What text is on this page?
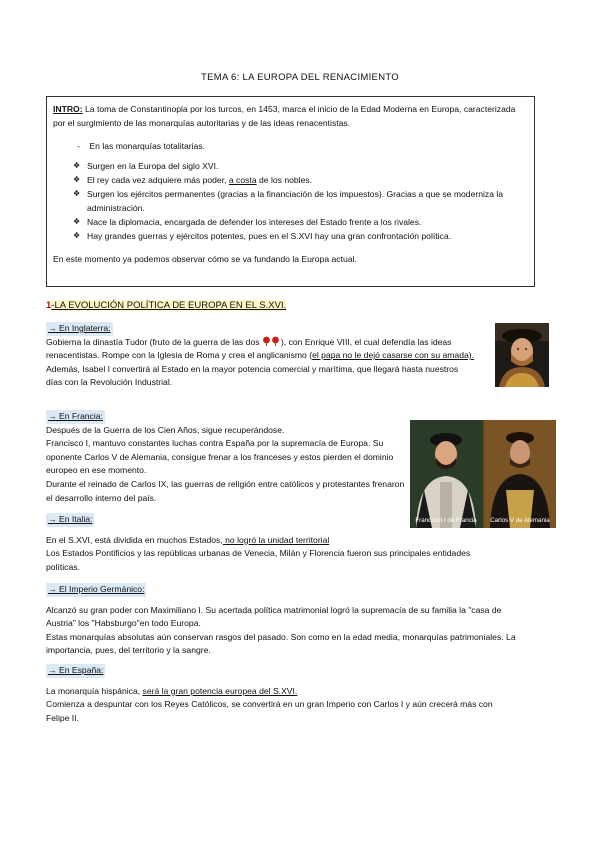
TEMA 6: LA EUROPA DEL RENACIMIENTO
INTRO: La toma de Constantinopla por los turcos, en 1453, marca el inicio de la Edad Moderna en Europa, caracterizada por el surgimiento de las monarquías autoritarias y de las ideas renacentistas.
-    En las monarquías totalitarias.
❖ Surgen en la Europa del siglo XVI.
❖ El rey cada vez adquiere más poder, a costa de los nobles.
❖ Surgen los ejércitos permanentes (gracias a la financiación de los impuestos). Gracias a que se moderniza la administración.
❖ Nace la diplomacia, encargada de defender los intereses del Estado frente a los rivales.
❖ Hay grandes guerras y ejércitos potentes, pues en el S.XVI hay una gran confrontación política.
En este momento ya podemos observar cómo se va fundando la Europa actual.
1-LA EVOLUCIÓN POLÍTICA DE EUROPA EN EL S.XVI.
→ En Inglaterra:
Gobierna la dinastía Tudor (fruto de la guerra de las dos ), con Enrique VIII, el cual defendía las ideas renacentistas. Rompe con la Iglesia de Roma y crea el anglicanismo (el papa no le dejó casarse con su amada).
Además, Isabel I convertirá al Estado en la mayor potencia comercial y marítima, que llegará hasta nuestros días con la Revolución Industrial.
→ En Francia:
Después de la Guerra de los Cien Años, sigue recuperándose.
Francisco I, mantuvo constantes luchas contra España por la supremacía de Europa. Su oponente Carlos V de Alemania, consigue frenar a los franceses y estos pierden el dominio europeo en ese momento.
Durante el reinado de Carlos IX, las guerras de religión entre católicos y protestantes frenaron el desarrollo interno del país.
Francisco I de Francia Carlos V de Alemania
→ En Italia:
En el S.XVI, está dividida en muchos Estados, no logró la unidad territorial
Los Estados Pontificios y las repúblicas urbanas de Venecia, Milán y Florencia fueron sus principales entidades políticas.
→ El Imperio Germánico:
Alcanzó su gran poder con Maximiliano I. Su acertada política matrimonial logró la supremacía de su familia la "casa de Austria" los "Habsburgo"en todo Europa.
Estas monarquías absolutas aún conservan rasgos del pasado. Son como en la edad media, monarquías patrimoniales. La importancia, pues, del territorio y la sangre.
→ En España:
La monarquía hispánica, será la gran potencia europea del S.XVI.
Comienza a despuntar con los Reyes Católicos, se convertirá en un gran Imperio con Carlos I y aún crecerá más con Felipe II.
